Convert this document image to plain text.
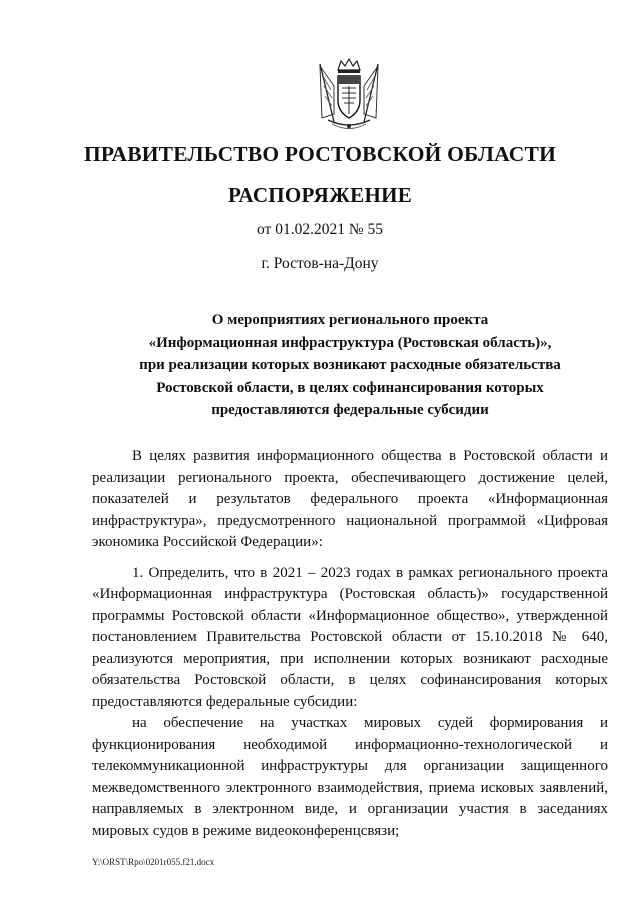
ПРАВИТЕЛЬСТВО РОСТОВСКОЙ ОБЛАСТИ
РАСПОРЯЖЕНИЕ
от 01.02.2021 № 55
г. Ростов-на-Дону
О мероприятиях регионального проекта
«Информационная инфраструктура (Ростовская область)»,
при реализации которых возникают расходные обязательства
Ростовской области, в целях софинансирования которых
предоставляются федеральные субсидии

В целях развития информационного общества в Ростовской области и реализации регионального проекта, обеспечивающего достижение целей, показателей и результатов федерального проекта «Информационная инфраструктура», предусмотренного национальной программой «Цифровая экономика Российской Федерации»:

1. Определить, что в 2021 – 2023 годах в рамках регионального проекта «Информационная инфраструктура (Ростовская область)» государственной программы Ростовской области «Информационное общество», утвержденной постановлением Правительства Ростовской области от 15.10.2018 № 640, реализуются мероприятия, при исполнении которых возникают расходные обязательства Ростовской области, в целях софинансирования которых предоставляются федеральные субсидии:

на обеспечение на участках мировых судей формирования и функционирования необходимой информационно-технологической и телекоммуникационной инфраструктуры для организации защищенного межведомственного электронного взаимодействия, приема исковых заявлений, направляемых в электронном виде, и организации участия в заседаниях мировых судов в режиме видеоконференцсвязи;

Y:\ORST\Rpo\0201r055.f21.docx
